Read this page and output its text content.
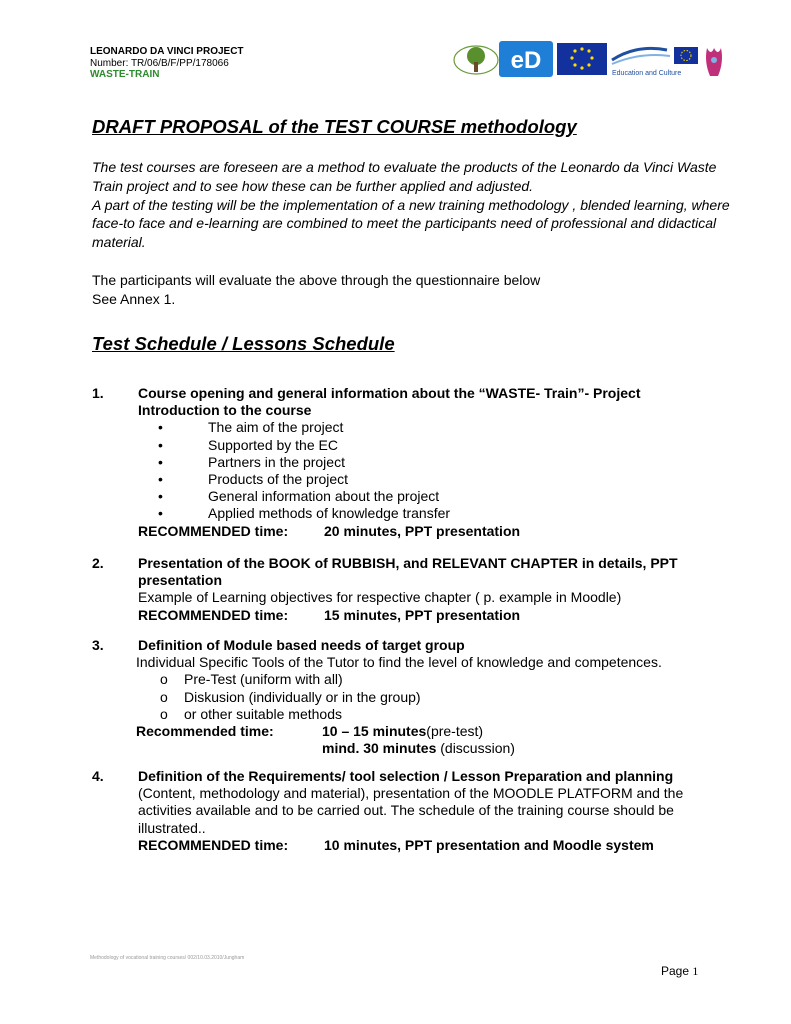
LEONARDO DA VINCI PROJECT
Number: TR/06/B/F/PP/178066
WASTE-TRAIN
eD	Education and Culture
DRAFT PROPOSAL of the TEST COURSE methodology

The test courses are foreseen are a method to evaluate the products of the Leonardo da Vinci Waste Train project and to see how these can be further applied and adjusted.

A part of the testing will be the implementation of a new training methodology , blended learning, where face-to face and e-learning are combined to meet the participants need of professional and didactical material.

The participants will evaluate the above through the questionnaire below
See Annex 1.
Test Schedule / Lessons Schedule
1. Course opening and general information about the “WASTE- Train”- Project
Introduction to the course
•	The aim of the project
•	Supported by the EC
•	Partners in the project
•	Products of the project
•	General information about the project
•	Applied methods of knowledge transfer
RECOMMENDED time:	20 minutes, PPT presentation
2. Presentation of the BOOK of RUBBISH, and RELEVANT CHAPTER in details, PPT presentation
Example of Learning objectives for respective chapter ( p. example in Moodle)
RECOMMENDED time:	15 minutes, PPT presentation
3. Definition of Module based needs of target group
Individual Specific Tools of the Tutor to find the level of knowledge and competences.
o Pre-Test (uniform with all)
o Diskusion (individually or in the group)
o or other suitable methods
Recommended time:	10 – 15 minutes(pre-test)
mind. 30 minutes (discussion)
4. Definition of the Requirements/ tool selection / Lesson Preparation and planning
(Content, methodology and material), presentation of the MOODLE PLATFORM and the activities available and to be carried out. The schedule of the training course should be illustrated..
RECOMMENDED time:	10 minutes, PPT presentation and Moodle system
Methodology of vocational training courses/ 002/10.03.2010/Jungham
Page 1
